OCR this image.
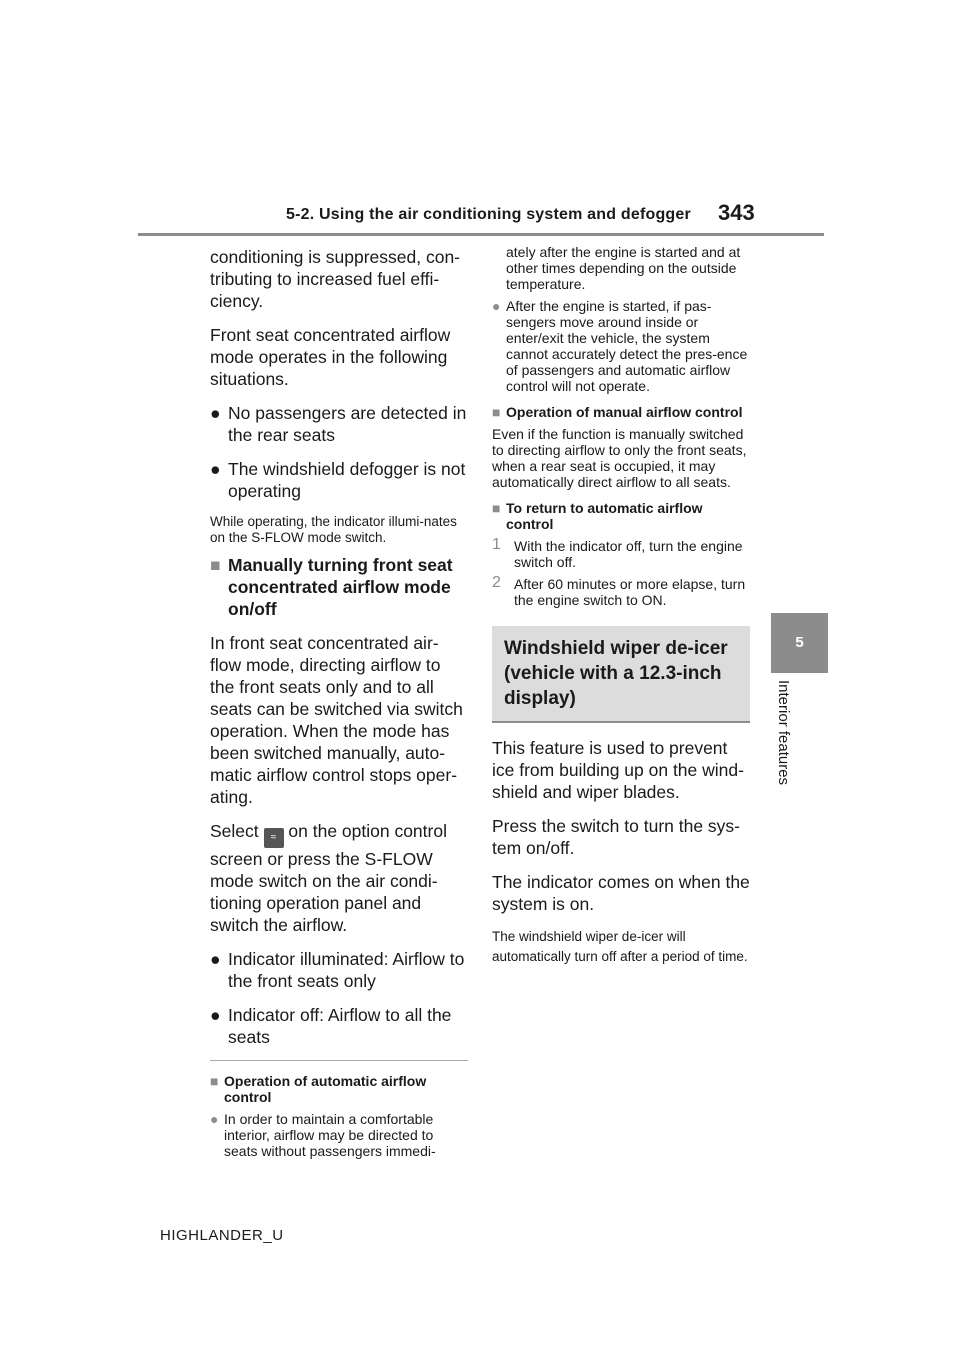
5-2. Using the air conditioning system and defogger 343
5
Interior features

conditioning is suppressed, con-tributing to increased fuel effi-ciency.

Front seat concentrated airflow mode operates in the following situations.

● No passengers are detected in the rear seats
● The windshield defogger is not operating

While operating, the indicator illumi-nates on the S-FLOW mode switch.

■ Manually turning front seat concentrated airflow mode on/off

In front seat concentrated air-flow mode, directing airflow to the front seats only and to all seats can be switched via switch operation. When the mode has been switched manually, auto-matic airflow control stops oper-ating.

Select ≈ on the option control screen or press the S-FLOW mode switch on the air condi-tioning operation panel and switch the airflow.

● Indicator illuminated: Airflow to the front seats only
● Indicator off: Airflow to all the seats
■ Operation of automatic airflow control
● In order to maintain a comfortable interior, airflow may be directed to seats without passengers immedi-

ately after the engine is started and at other times depending on the outside temperature.

● After the engine is started, if pas-sengers move around inside or enter/exit the vehicle, the system cannot accurately detect the pres-ence of passengers and automatic airflow control will not operate.
■ Operation of manual airflow control

Even if the function is manually switched to directing airflow to only the front seats, when a rear seat is occupied, it may automatically direct airflow to all seats.

■ To return to automatic airflow control
1 With the indicator off, turn the engine switch off.
2 After 60 minutes or more elapse, turn the engine switch to ON.
Windshield wiper de-icer (vehicle with a 12.3-inch display)

This feature is used to prevent ice from building up on the wind-shield and wiper blades.

Press the switch to turn the sys-tem on/off.

The indicator comes on when the system is on.

The windshield wiper de-icer will automatically turn off after a period of time.

HIGHLANDER_U
